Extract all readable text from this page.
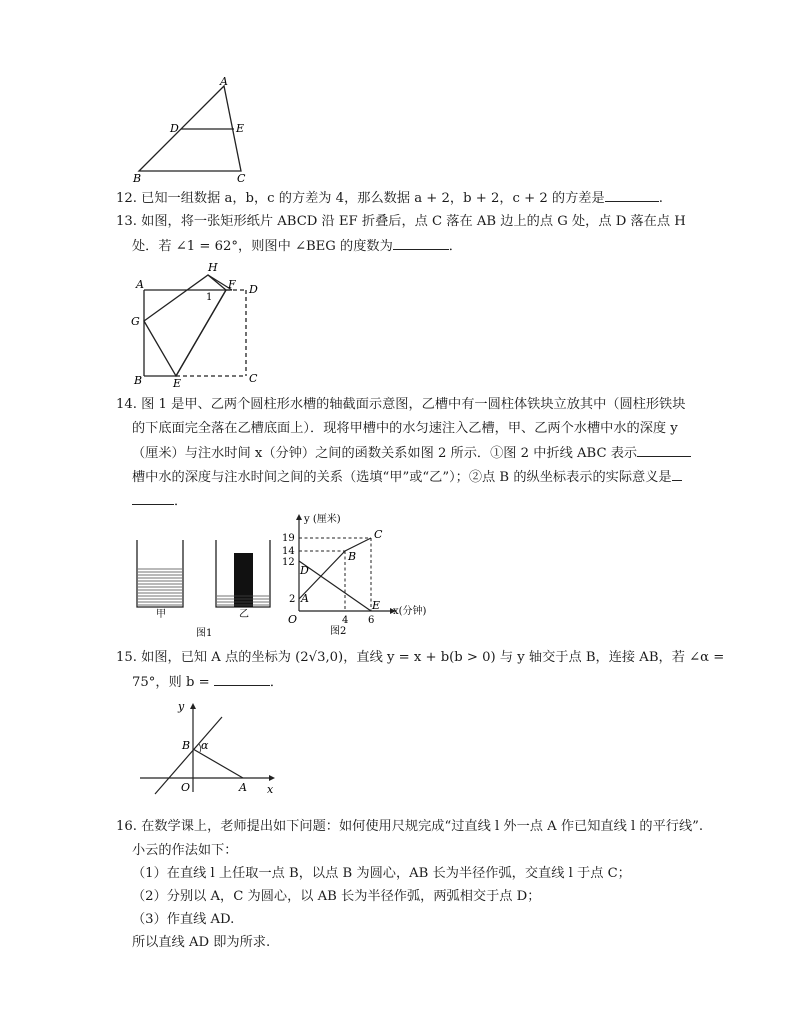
A
D	E
B	C
12. 已知一组数据 a，b，c 的方差为 4，那么数据 a + 2，b + 2，c + 2 的方差是	.
13. 如图，将一张矩形纸片 ABCD 沿 EF 折叠后，点 C 落在 AB 边上的点 G 处，点 D 落在点 H
处．若 ∠1 = 62°，则图中 ∠BEG 的度数为	．
A
H
F D
1
G
B	E	C
14. 图 1 是甲、乙两个圆柱形水槽的轴截面示意图，乙槽中有一圆柱体铁块立放其中（圆柱形铁块
的下底面完全落在乙槽底面上）．现将甲槽中的水匀速注入乙槽，甲、乙两个水槽中水的深度 y
（厘米）与注水时间 x（分钟）之间的函数关系如图 2 所示．①图 2 中折线 ABC 表示
槽中水的深度与注水时间之间的关系（选填“甲”或“乙”）；②点 B 的纵坐标表示的实际意义是
．
甲	乙
图1
y (厘米)
x(分钟)
19
14
12
2
4 6
O
A
B
C
D
E
图2
15. 如图，已知 A 点的坐标为 (2√3,0)，直线 y = x + b(b > 0) 与 y 轴交于点 B，连接 AB，若 ∠α =
75°，则 b =	．
y
x
B α
O	A
16. 在数学课上，老师提出如下问题：如何使用尺规完成“过直线 l 外一点 A 作已知直线 l 的平行线”.
小云的作法如下：
（1）在直线 l 上任取一点 B，以点 B 为圆心，AB 长为半径作弧，交直线 l 于点 C；
（2）分别以 A，C 为圆心，以 AB 长为半径作弧，两弧相交于点 D；
（3）作直线 AD.
所以直线 AD 即为所求.
